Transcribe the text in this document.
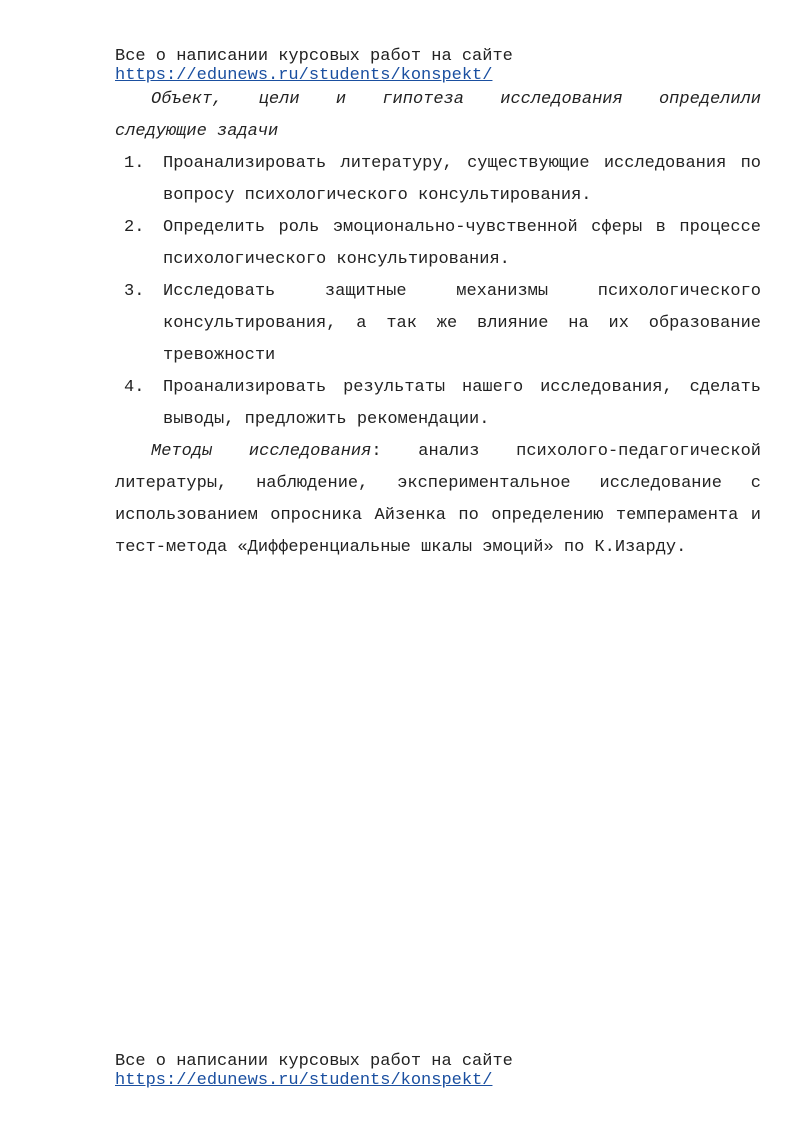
Все о написании курсовых работ на сайте
https://edunews.ru/students/konspekt/

Объект, цели и гипотеза исследования определили

следующие задачи

1. Проанализировать литературу, существующие исследования по вопросу психологического консультирования.
2. Определить роль эмоционально-чувственной сферы в процессе психологического консультирования.
3. Исследовать защитные механизмы психологического консультирования, а так же влияние на их образование тревожности
4. Проанализировать результаты нашего исследования, сделать выводы, предложить рекомендации.

Методы исследования: анализ психолого-педагогической литературы, наблюдение, экспериментальное исследование с использованием опросника Айзенка по определению темперамента и тест-метода «Дифференциальные шкалы эмоций» по К.Изарду.

Все о написании курсовых работ на сайте
https://edunews.ru/students/konspekt/
